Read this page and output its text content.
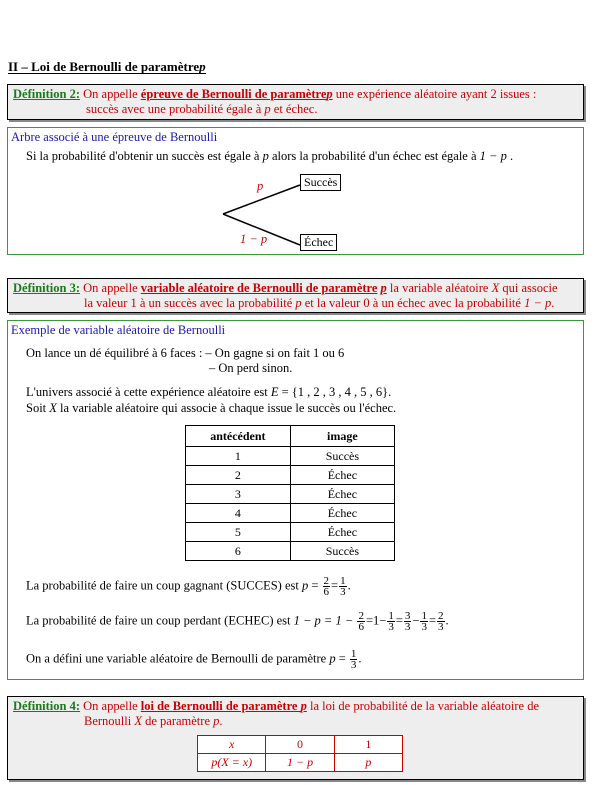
II – Loi de Bernoulli de paramètrep
Définition 2: On appelle épreuve de Bernoulli de paramètrep une expérience aléatoire ayant 2 issues :
succès avec une probabilité égale à p et échec.
Arbre associé à une épreuve de Bernoulli
Si la probabilité d'obtenir un succès est égale à p alors la probabilité d'un échec est égale à 1 − p .
p
1 − p
Succès
Échec
Définition 3: On appelle variable aléatoire de Bernoulli de paramètre p la variable aléatoire X qui associe
la valeur 1 à un succès avec la probabilité p et la valeur 0 à un échec avec la probabilité 1 − p.
Exemple de variable aléatoire de Bernoulli
On lance un dé équilibré à 6 faces : – On gagne si on fait 1 ou 6
– On perd sinon.
L'univers associé à cette expérience aléatoire est E = {1 , 2 , 3 , 4 , 5 , 6}.
Soit X la variable aléatoire qui associe à chaque issue le succès ou l'échec.
antécédent	image
1	Succès
2	Échec
3	Échec
4	Échec
5	Échec
6	Succès
La probabilité de faire un coup gagnant (SUCCES) est $p = \frac{2}{6} = \frac{1}{3}$ .
La probabilité de faire un coup perdant (ECHEC) est $1 - p = 1 - \frac{2}{6} =1- \frac{1}{3} = \frac{3}{3} - \frac{1}{3} = \frac{2}{3}$ .
On a défini une variable aléatoire de Bernoulli de paramètre $p = \frac{1}{3}$ .
Définition 4: On appelle loi de Bernoulli de paramètre p la loi de probabilité de la variable aléatoire de
Bernoulli X de paramètre p.
x	0	1
p(X = x)	1 − p	p
